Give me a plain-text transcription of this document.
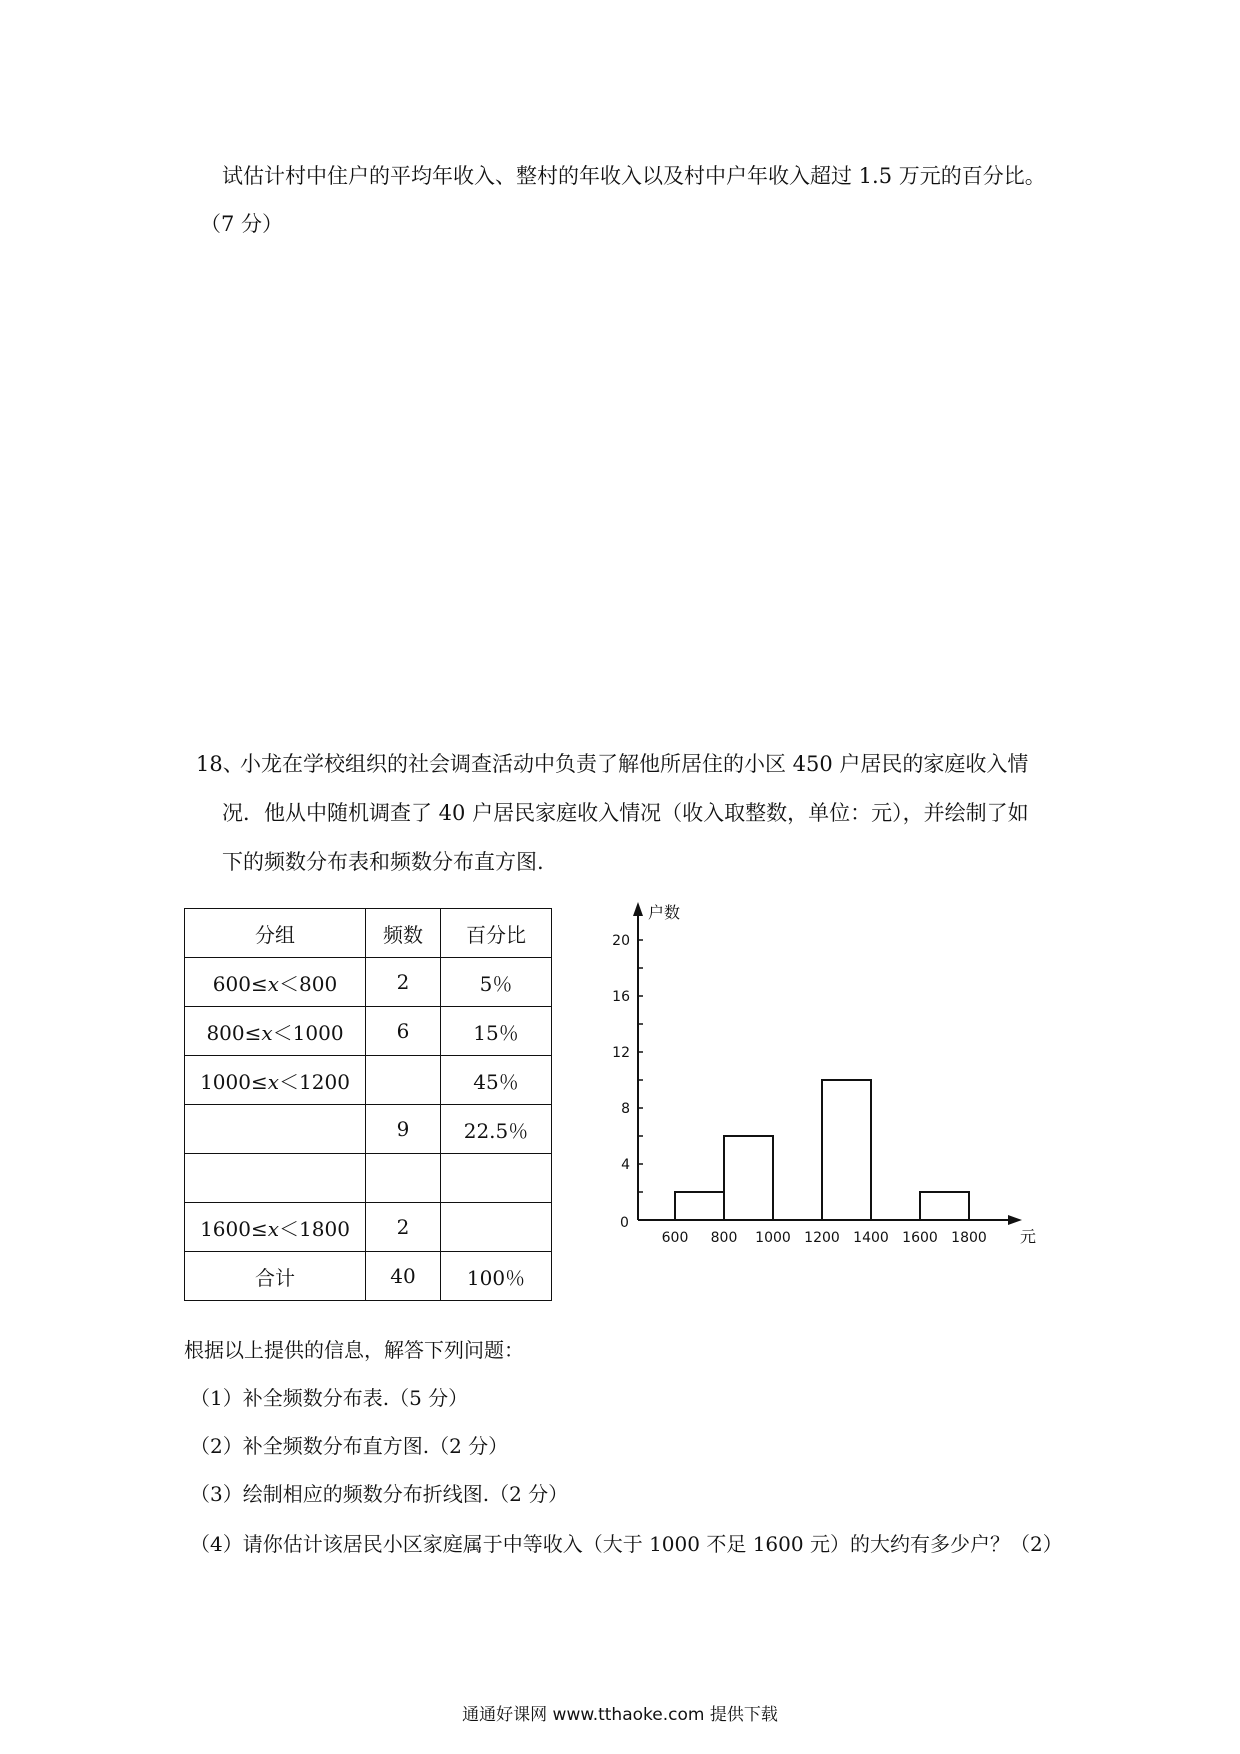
试估计村中住户的平均年收入、整村的年收入以及村中户年收入超过 1.5 万元的百分比。
（7 分）
18、
小龙在学校组织的社会调查活动中负责了解他所居住的小区 450 户居民的家庭收入情
况．他从中随机调查了 40 户居民家庭收入情况（收入取整数，单位：元），并绘制了如
下的频数分布表和频数分布直方图.
分组	频数	百分比
600≤x＜800	2	5％
800≤x＜1000	6	15％
1000≤x＜1200		45％
	9	22.5％

1600≤x＜1800	2	
合计	40	100％
户数
元
0
4
8
12
16
20
600 800 1000 1200 1400 1600 1800
根据以上提供的信息，解答下列问题：
（1）补全频数分布表.（5 分）
（2）补全频数分布直方图.（2 分）
（3）绘制相应的频数分布折线图.（2 分）
（4）请你估计该居民小区家庭属于中等收入（大于 1000 不足 1600 元）的大约有多少户？（2）
通通好课网 www.tthaoke.com 提供下载
